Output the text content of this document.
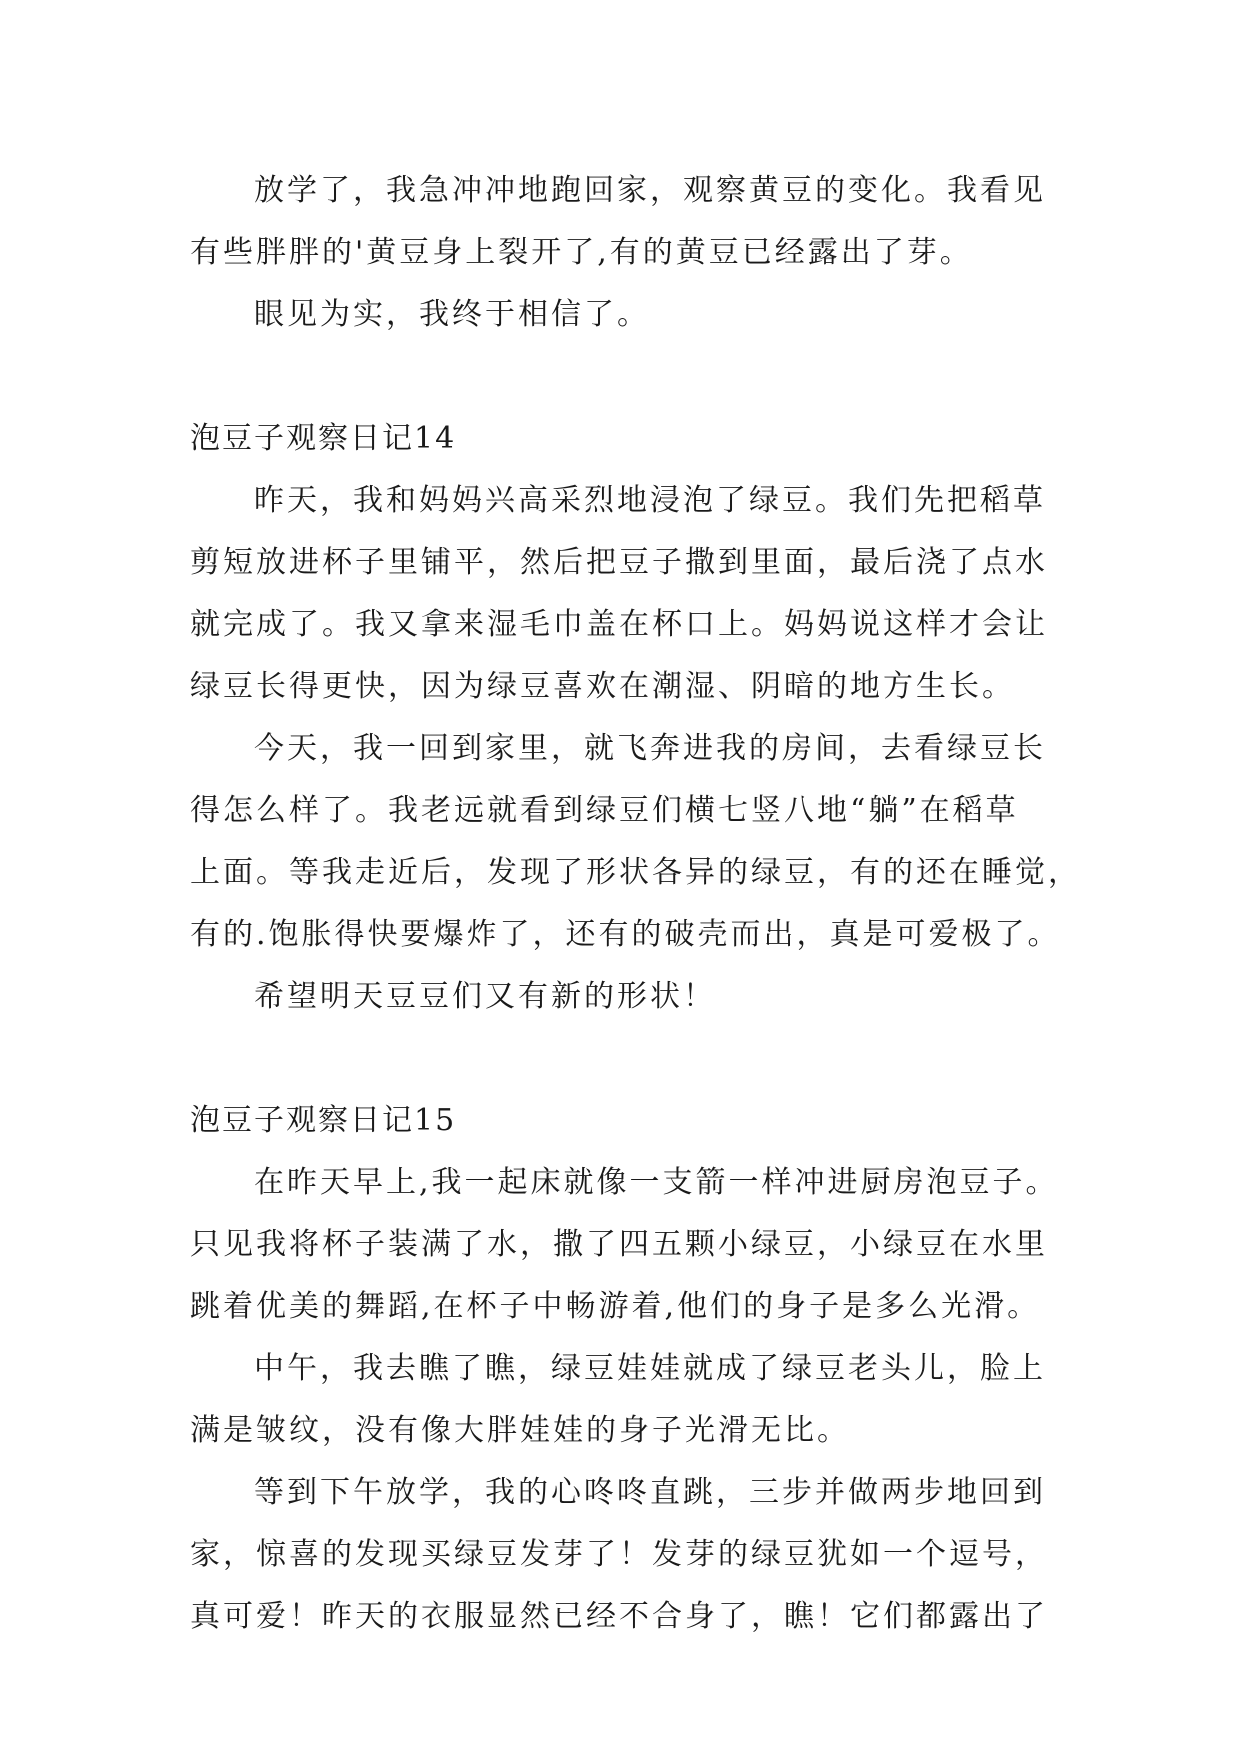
放学了，我急冲冲地跑回家，观察黄豆的变化。我看见
有些胖胖的'黄豆身上裂开了,有的黄豆已经露出了芽。
眼见为实，我终于相信了。
泡豆子观察日记14
昨天，我和妈妈兴高采烈地浸泡了绿豆。我们先把稻草
剪短放进杯子里铺平，然后把豆子撒到里面，最后浇了点水
就完成了。我又拿来湿毛巾盖在杯口上。妈妈说这样才会让
绿豆长得更快，因为绿豆喜欢在潮湿、阴暗的地方生长。
今天，我一回到家里，就飞奔进我的房间，去看绿豆长
得怎么样了。我老远就看到绿豆们横七竖八地“躺”在稻草
上面。等我走近后，发现了形状各异的绿豆，有的还在睡觉，
有的.饱胀得快要爆炸了，还有的破壳而出，真是可爱极了。
希望明天豆豆们又有新的形状！
泡豆子观察日记15
在昨天早上,我一起床就像一支箭一样冲进厨房泡豆子。
只见我将杯子装满了水，撒了四五颗小绿豆，小绿豆在水里
跳着优美的舞蹈,在杯子中畅游着,他们的身子是多么光滑。
中午，我去瞧了瞧，绿豆娃娃就成了绿豆老头儿，脸上
满是皱纹，没有像大胖娃娃的身子光滑无比。
等到下午放学，我的心咚咚直跳，三步并做两步地回到
家，惊喜的发现买绿豆发芽了！发芽的绿豆犹如一个逗号，
真可爱！昨天的衣服显然已经不合身了，瞧！它们都露出了
